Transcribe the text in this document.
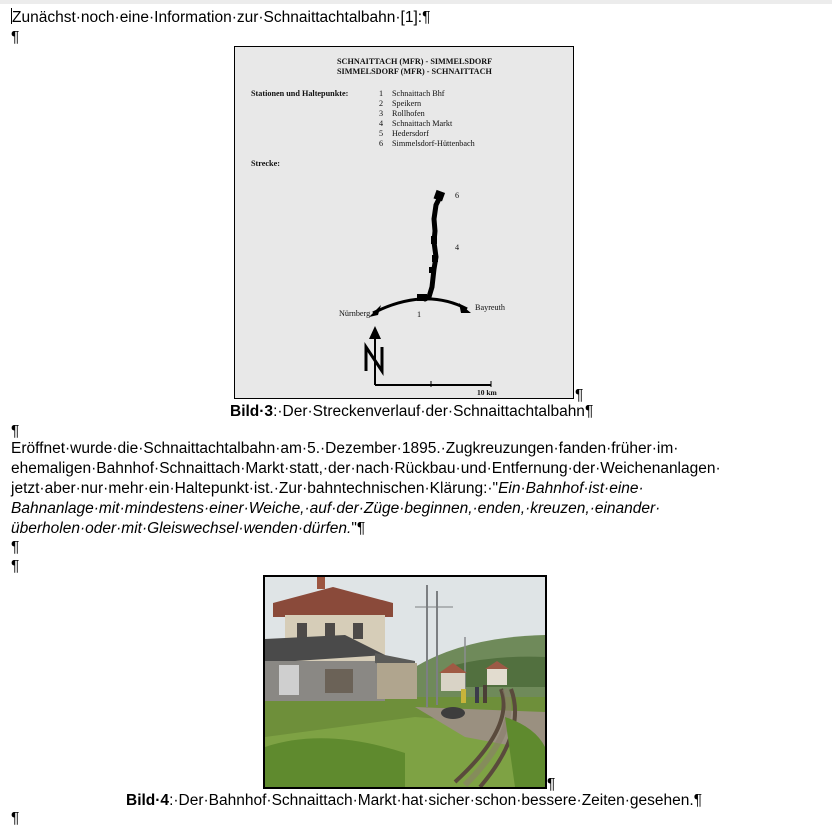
Zunächst·noch·eine·Information·zur·Schnaittachtalbahn·[1]:¶
¶
SCHNAITTACH (MFR) - SIMMELSDORF
SIMMELSDORF (MFR) - SCHNAITTACH
Stationen und Haltepunkte:	1 Schnaittach Bhf
2 Speikern
3 Rollhofen
4 Schnaittach Markt
5 Hedersdorf
6 Simmelsdorf-Hüttenbach
Strecke:
6
4
1
Nürnberg
Bayreuth
10 km	¶
Bild·3:·Der·Streckenverlauf·der·Schnaittachtalbahn¶
¶
Eröffnet·wurde·die·Schnaittachtalbahn·am·5.·Dezember·1895.·Zugkreuzungen·fanden·früher·im·
ehemaligen·Bahnhof·Schnaittach·Markt·statt,·der·nach·Rückbau·und·Entfernung·der·Weichenanlagen·
jetzt·aber·nur·mehr·ein·Haltepunkt·ist.·Zur·bahntechnischen·Klärung:·"Ein·Bahnhof·ist·eine·
Bahnanlage·mit·mindestens·einer·Weiche,·auf·der·Züge·beginnen,·enden,·kreuzen,·einander·
überholen·oder·mit·Gleiswechsel·wenden·dürfen."¶
¶
¶
¶
Bild·4:·Der·Bahnhof·Schnaittach·Markt·hat·sicher·schon·bessere·Zeiten·gesehen.¶
¶
